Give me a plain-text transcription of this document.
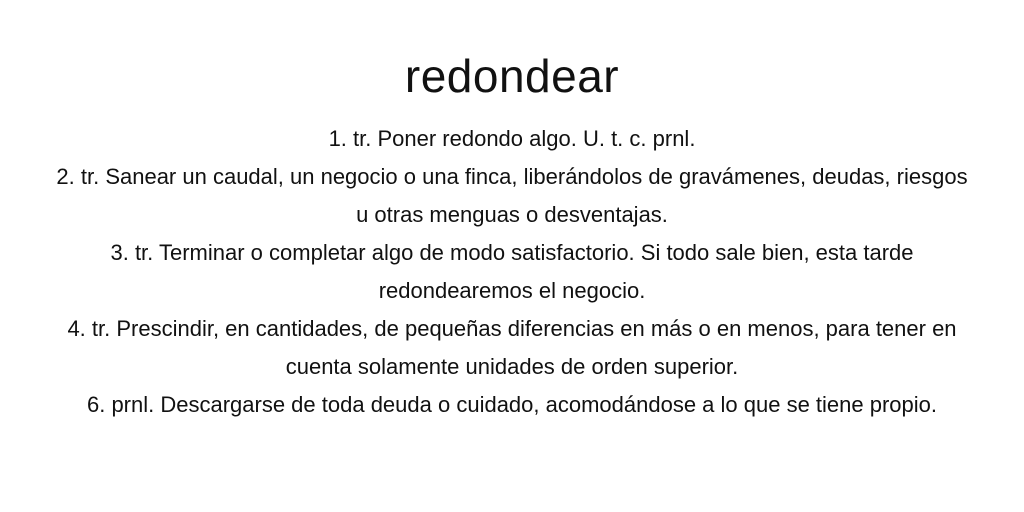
redondear
1. tr. Poner redondo algo. U. t. c. prnl.
2. tr. Sanear un caudal, un negocio o una finca, liberándolos de gravámenes, deudas, riesgos u otras menguas o desventajas.
3. tr. Terminar o completar algo de modo satisfactorio. Si todo sale bien, esta tarde redondearemos el negocio.
4. tr. Prescindir, en cantidades, de pequeñas diferencias en más o en menos, para tener en cuenta solamente unidades de orden superior.
6. prnl. Descargarse de toda deuda o cuidado, acomodándose a lo que se tiene propio.
